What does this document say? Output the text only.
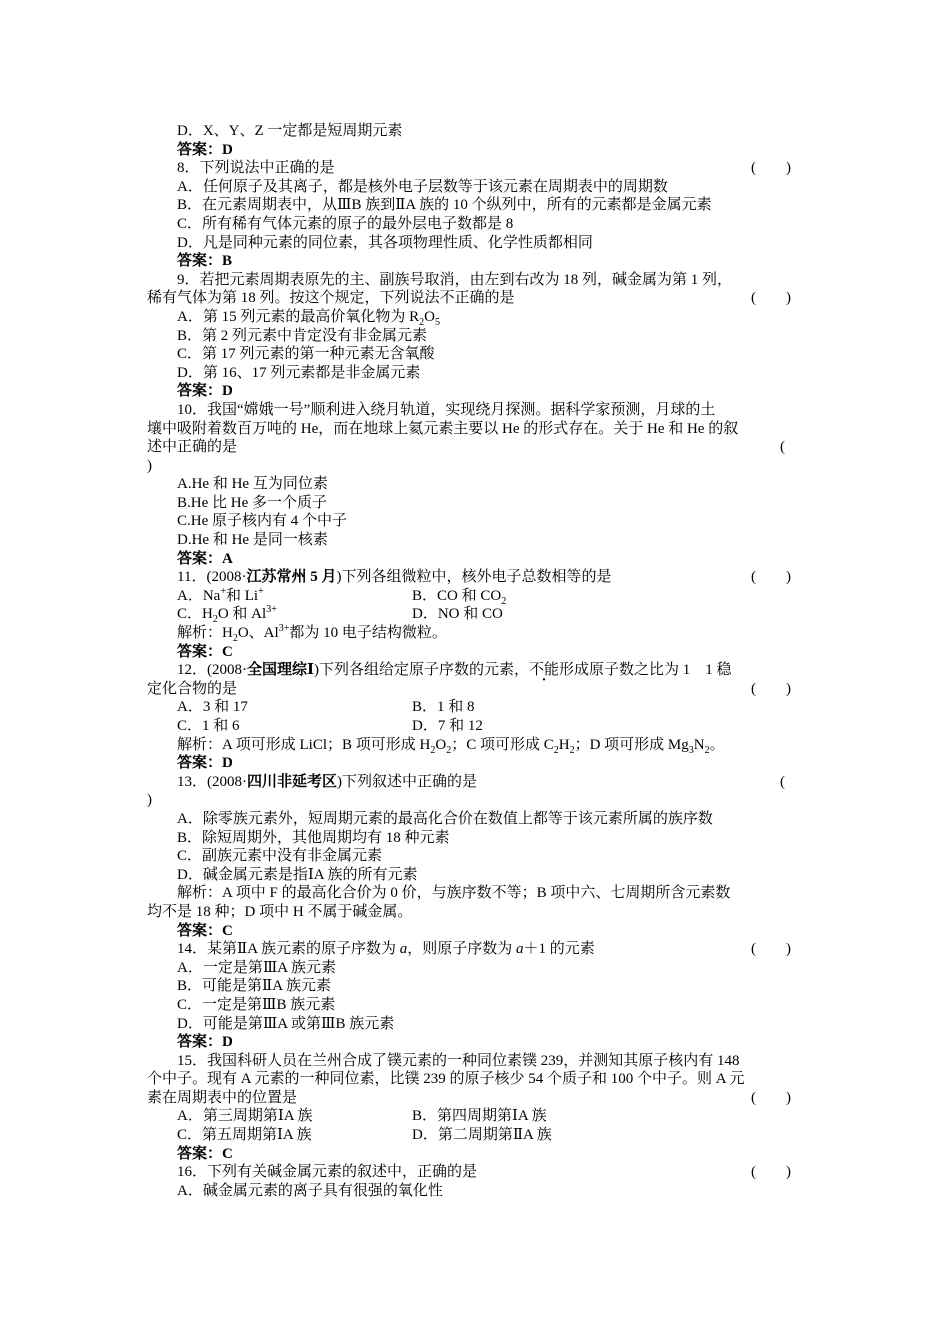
D．X、Y、Z 一定都是短周期元素
答案：D
8．下列说法中正确的是	(　　)
A．任何原子及其离子，都是核外电子层数等于该元素在周期表中的周期数
B．在元素周期表中，从ⅢB 族到ⅡA 族的 10 个纵列中，所有的元素都是金属元素
C．所有稀有气体元素的原子的最外层电子数都是 8
D．凡是同种元素的同位素，其各项物理性质、化学性质都相同
答案：B
9．若把元素周期表原先的主、副族号取消，由左到右改为 18 列，碱金属为第 1 列，
稀有气体为第 18 列。按这个规定，下列说法不正确的是	(　　)
A．第 15 列元素的最高价氧化物为 $R_2O_5$
B．第 2 列元素中肯定没有非金属元素
C．第 17 列元素的第一种元素无含氧酸
D．第 16、17 列元素都是非金属元素
答案：D
10．我国“嫦娥一号”顺利进入绕月轨道，实现绕月探测。据科学家预测，月球的土
壤中吸附着数百万吨的 He，而在地球上氦元素主要以 He 的形式存在。关于 He 和 He 的叙
述中正确的是	(
)
A.He 和 He 互为同位素
B.He 比 He 多一个质子
C.He 原子核内有 4 个中子
D.He 和 He 是同一核素
答案：A
11．(2008·江苏常州 5 月)下列各组微粒中，核外电子总数相等的是	(　　)
A．Na+和 Li+	B．CO 和 $CO_2$
C．$H_2O$ 和 $Al^{3+}$	D．NO 和 CO
解析：$H_2O$、$Al^{3+}$都为 10 电子结构微粒。
答案：C
12．(2008·全国理综Ⅰ)下列各组给定原子序数的元素，不能形成原子数之比为 1　1 稳
定化合物的是	(　　)
A．3 和 17	B．1 和 8
C．1 和 6	D．7 和 12
解析：A 项可形成 LiCl；B 项可形成 $H_2O_2$；C 项可形成 $C_2H_2$；D 项可形成 $Mg_3N_2$。
答案：D
13．(2008·四川非延考区)下列叙述中正确的是	(
)
A．除零族元素外，短周期元素的最高化合价在数值上都等于该元素所属的族序数
B．除短周期外，其他周期均有 18 种元素
C．副族元素中没有非金属元素
D．碱金属元素是指ⅠA 族的所有元素
解析：A 项中 F 的最高化合价为 0 价，与族序数不等；B 项中六、七周期所含元素数
均不是 18 种；D 项中 H 不属于碱金属。
答案：C
14．某第ⅡA 族元素的原子序数为 a，则原子序数为 a＋1 的元素	(　　)
A．一定是第ⅢA 族元素
B．可能是第ⅡA 族元素
C．一定是第ⅢB 族元素
D．可能是第ⅢA 或第ⅢB 族元素
答案：D
15．我国科研人员在兰州合成了镤元素的一种同位素镤 239，并测知其原子核内有 148
个中子。现有 A 元素的一种同位素，比镤 239 的原子核少 54 个质子和 100 个中子。则 A 元
素在周期表中的位置是	(　　)
A．第三周期第ⅠA 族	B．第四周期第ⅠA 族
C．第五周期第ⅠA 族	D．第二周期第ⅡA 族
答案：C
16．下列有关碱金属元素的叙述中，正确的是	(　　)
A．碱金属元素的离子具有很强的氧化性
